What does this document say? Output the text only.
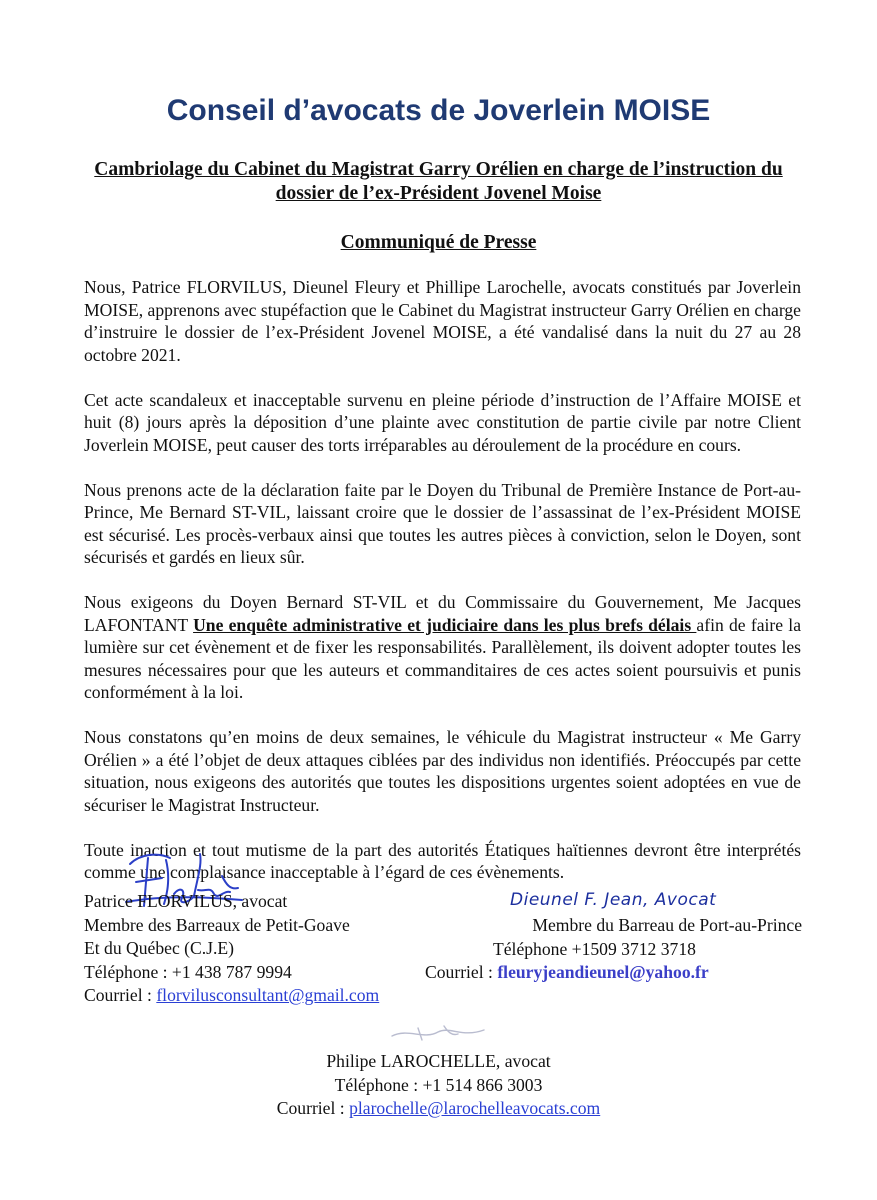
Conseil d’avocats de Joverlein MOISE

Cambriolage du Cabinet du Magistrat Garry Orélien en charge de l’instruction du dossier de l’ex-Président Jovenel Moise

Communiqué de Presse

Nous, Patrice FLORVILUS, Dieunel Fleury et Phillipe Larochelle, avocats constitués par Joverlein MOISE, apprenons avec stupéfaction que le Cabinet du Magistrat instructeur Garry Orélien en charge d’instruire le dossier de l’ex-Président Jovenel MOISE, a été vandalisé dans la nuit du 27 au 28 octobre 2021.

Cet acte scandaleux et inacceptable survenu en pleine période d’instruction de l’Affaire MOISE et huit (8) jours après la déposition d’une plainte avec constitution de partie civile par notre Client Joverlein MOISE, peut causer des torts irréparables au déroulement de la procédure en cours.

Nous prenons acte de la déclaration faite par le Doyen du Tribunal de Première Instance de Port-au-Prince, Me Bernard ST-VIL, laissant croire que le dossier de l’assassinat de l’ex-Président MOISE est sécurisé. Les procès-verbaux ainsi que toutes les autres pièces à conviction, selon le Doyen, sont sécurisés et gardés en lieux sûr.

Nous exigeons du Doyen Bernard ST-VIL et du Commissaire du Gouvernement, Me Jacques LAFONTANT Une enquête administrative et judiciaire dans les plus brefs délais afin de faire la lumière sur cet évènement et de fixer les responsabilités. Parallèlement, ils doivent adopter toutes les mesures nécessaires pour que les auteurs et commanditaires de ces actes soient poursuivis et punis conformément à la loi.

Nous constatons qu’en moins de deux semaines, le véhicule du Magistrat instructeur « Me Garry Orélien » a été l’objet de deux attaques ciblées par des individus non identifiés. Préoccupés par cette situation, nous exigeons des autorités que toutes les dispositions urgentes soient adoptées en vue de sécuriser le Magistrat Instructeur.

Toute inaction et tout mutisme de la part des autorités Étatiques haïtiennes devront être interprétés comme une complaisance inacceptable à l’égard de ces évènements.

Dieunel F. Jean, Avocat
Patrice FLORVILUS, avocat
Membre des Barreaux de Petit-Goave
Et du Québec (C.J.E)
Téléphone : +1 438 787 9994
Courriel : florvilusconsultant@gmail.com
Membre du Barreau de Port-au-Prince
Téléphone +1509 3712 3718
Courriel : fleuryjeandieunel@yahoo.fr
Philipe LAROCHELLE, avocat
Téléphone : +1 514 866 3003
Courriel : plarochelle@larochelleavocats.com
